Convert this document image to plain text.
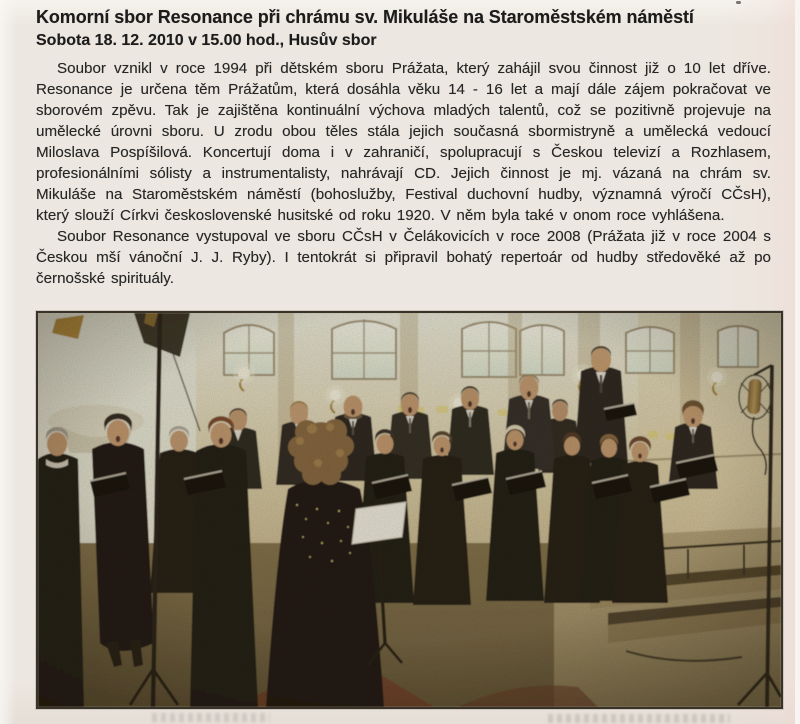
Komorní sbor Resonance při chrámu sv. Mikuláše na Staroměstském náměstí
Sobota 18. 12. 2010 v 15.00 hod., Husův sbor

Soubor vznikl v roce 1994 při dětském sboru Prážata, který zahájil svou činnost již o 10 let dříve. Resonance je určena těm Prážatům, která dosáhla věku 14 - 16 let a mají dále zájem pokračovat ve sborovém zpěvu. Tak je zajištěna kontinuální výchova mladých talentů, což se pozitivně projevuje na umělecké úrovni sboru. U zrodu obou těles stála jejich současná sbormistryně a umělecká vedoucí Miloslava Pospíšilová. Koncertují doma i v zahraničí, spolupracují s Českou televizí a Rozhlasem, profesionálními sólisty a instrumentalisty, nahrávají CD. Jejich činnost je mj. vázaná na chrám sv. Mikuláše na Staroměstském náměstí (bohoslužby, Festival duchovní hudby, významná výročí CČsH), který slouží Církvi československé husitské od roku 1920. V něm byla také v onom roce vyhlášena.

Soubor Resonance vystupoval ve sboru CČsH v Čelákovicích v roce 2008 (Prážata již v roce 2004 s Českou mší vánoční J. J. Ryby). I tentokrát si připravil bohatý repertoár od hudby středověké až po černošské spirituály.
